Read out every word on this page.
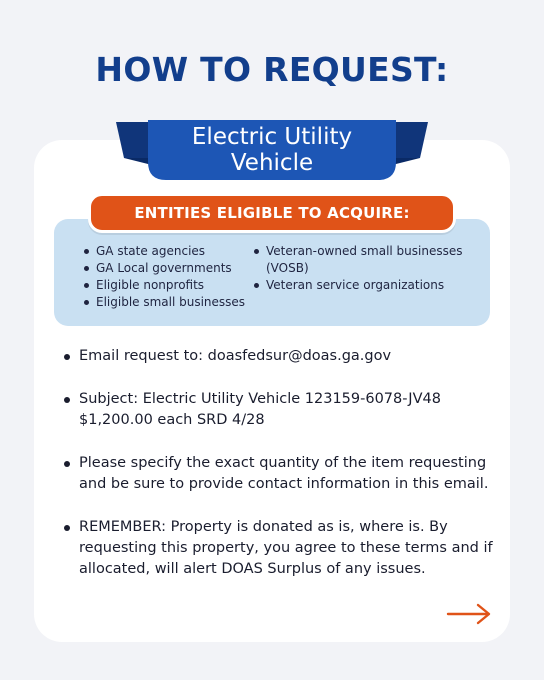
HOW TO REQUEST:
Electric Utility Vehicle
ENTITIES ELIGIBLE TO ACQUIRE:
GA state agencies
GA Local governments
Eligible nonprofits
Eligible small businesses
Veteran-owned small businesses (VOSB)
Veteran service organizations
Email request to: doasfedsur@doas.ga.gov
Subject: Electric Utility Vehicle 123159-6078-JV48 $1,200.00 each SRD 4/28
Please specify the exact quantity of the item requesting and be sure to provide contact information in this email.
REMEMBER: Property is donated as is, where is. By requesting this property, you agree to these terms and if allocated, will alert DOAS Surplus of any issues.
